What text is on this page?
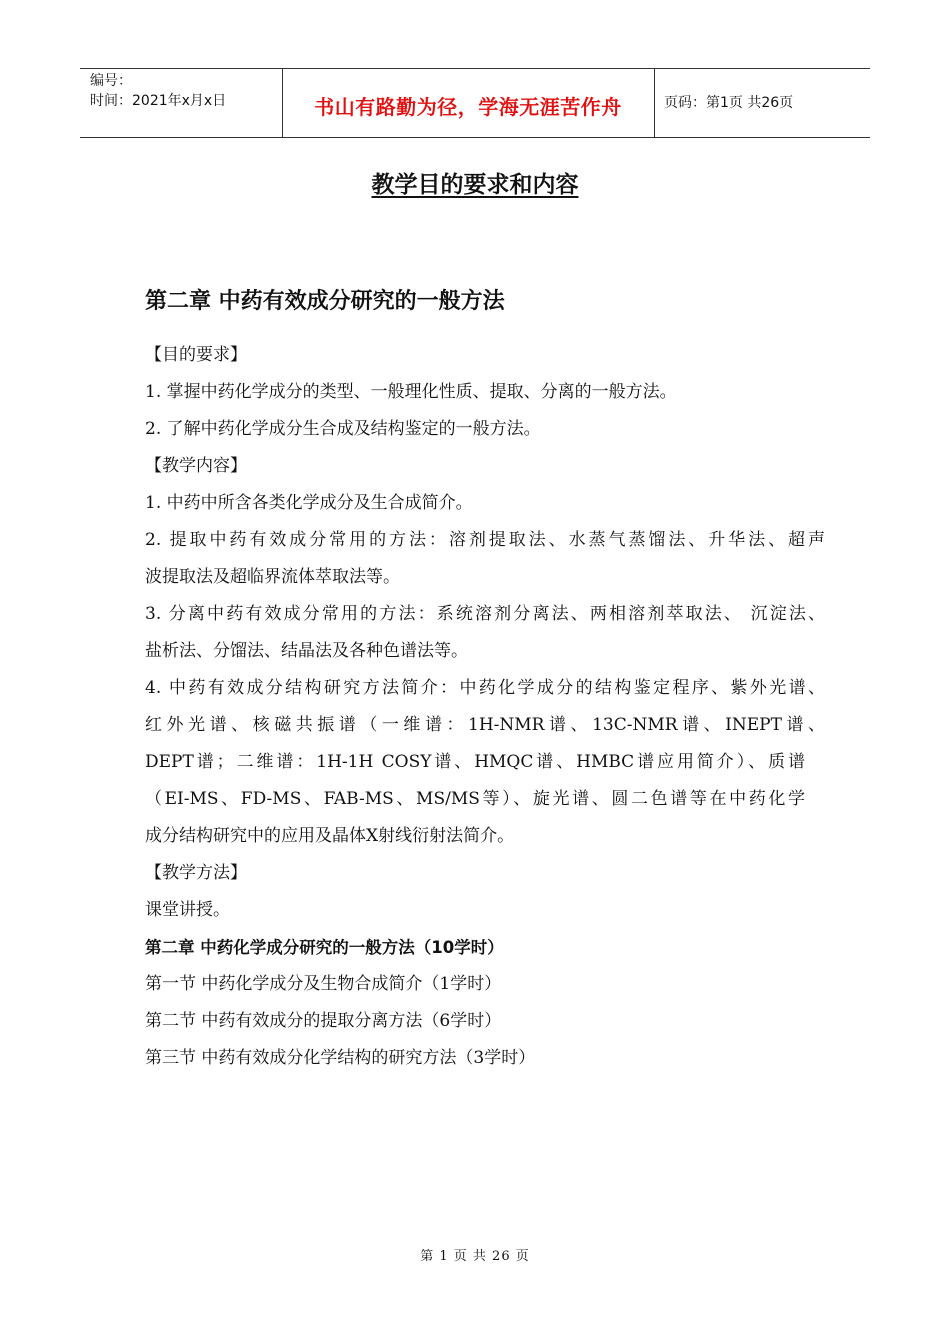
编号：
时间：2021年x月x日	书山有路勤为径，学海无涯苦作舟	页码：第1页 共26页
教学目的要求和内容
第二章 中药有效成分研究的一般方法
【目的要求】
1. 掌握中药化学成分的类型、一般理化性质、提取、分离的一般方法。
2. 了解中药化学成分生合成及结构鉴定的一般方法。
【教学内容】
1. 中药中所含各类化学成分及生合成简介。
2. 提取中药有效成分常用的方法：溶剂提取法、水蒸气蒸馏法、升华法、超声
波提取法及超临界流体萃取法等。
3. 分离中药有效成分常用的方法：系统溶剂分离法、两相溶剂萃取法、 沉淀法、
盐析法、分馏法、结晶法及各种色谱法等。
4. 中药有效成分结构研究方法简介：中药化学成分的结构鉴定程序、紫外光谱、
红外光谱、核磁共振谱（一维谱：1H-NMR谱、13C-NMR谱、INEPT谱、
DEPT谱；二维谱：1H-1H COSY谱、HMQC谱、HMBC谱应用简介）、质谱
（EI-MS、FD-MS、FAB-MS、MS/MS等）、旋光谱、圆二色谱等在中药化学
成分结构研究中的应用及晶体X射线衍射法简介。
【教学方法】
课堂讲授。
第二章 中药化学成分研究的一般方法（10学时）
第一节 中药化学成分及生物合成简介（1学时）
第二节 中药有效成分的提取分离方法（6学时）
第三节 中药有效成分化学结构的研究方法（3学时）
第 1 页 共 26 页
